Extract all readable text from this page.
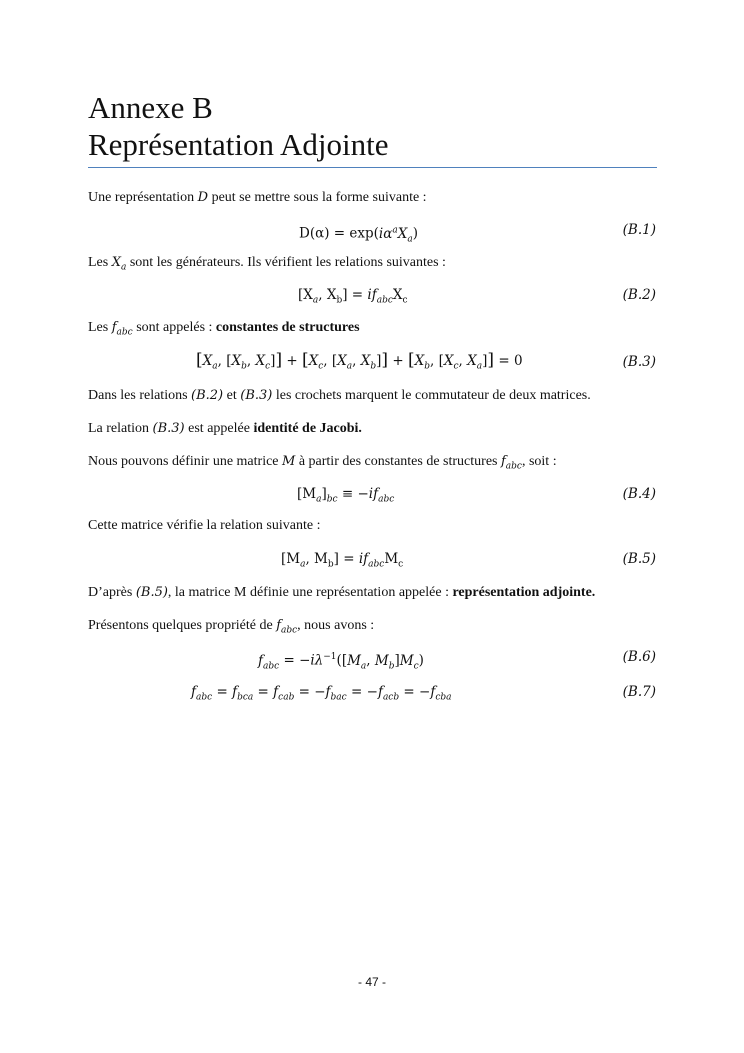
Annexe B
Représentation Adjointe
Une représentation D peut se mettre sous la forme suivante :
$D(\alpha) = \exp(i\alpha^aX_a)$	(B.1)
Les $X_a$ sont les générateurs. Ils vérifient les relations suivantes :
[$X_a$, $X_b] = if_{abc}X_c$	(B.2)
Les $f_{abc}$ sont appelés : constantes de structures
[$X_a$, [$X_b$, $X_c]] + [X_c$, [$X_a$, $X_b]] + [X_b$, [$X_c$, $X_a]] = 0$	(B.3)
Dans les relations (B.2) et (B.3) les crochets marquent le commutateur de deux matrices.
La relation (B.3) est appelée identité de Jacobi.
Nous pouvons définir une matrice M à partir des constantes de structures $f_{abc}$, soit :
$[M_a]_{bc} \equiv -if_{abc}$	(B.4)
Cette matrice vérifie la relation suivante :
[$M_a$, $M_b] = if_{abc}M_c$	(B.5)
D’après (B.5), la matrice M définie une représentation appelée : représentation adjointe.
Présentons quelques propriété de $f_{abc}$, nous avons :
$f_{abc} = -i\lambda^{-1}([M_a$, $M_b]M_c$)	(B.6)
$f_{abc} = f_{bca} = f_{cab} = -f_{bac} = -f_{acb} = -f_{cba}$	(B.7)
- 47 -
